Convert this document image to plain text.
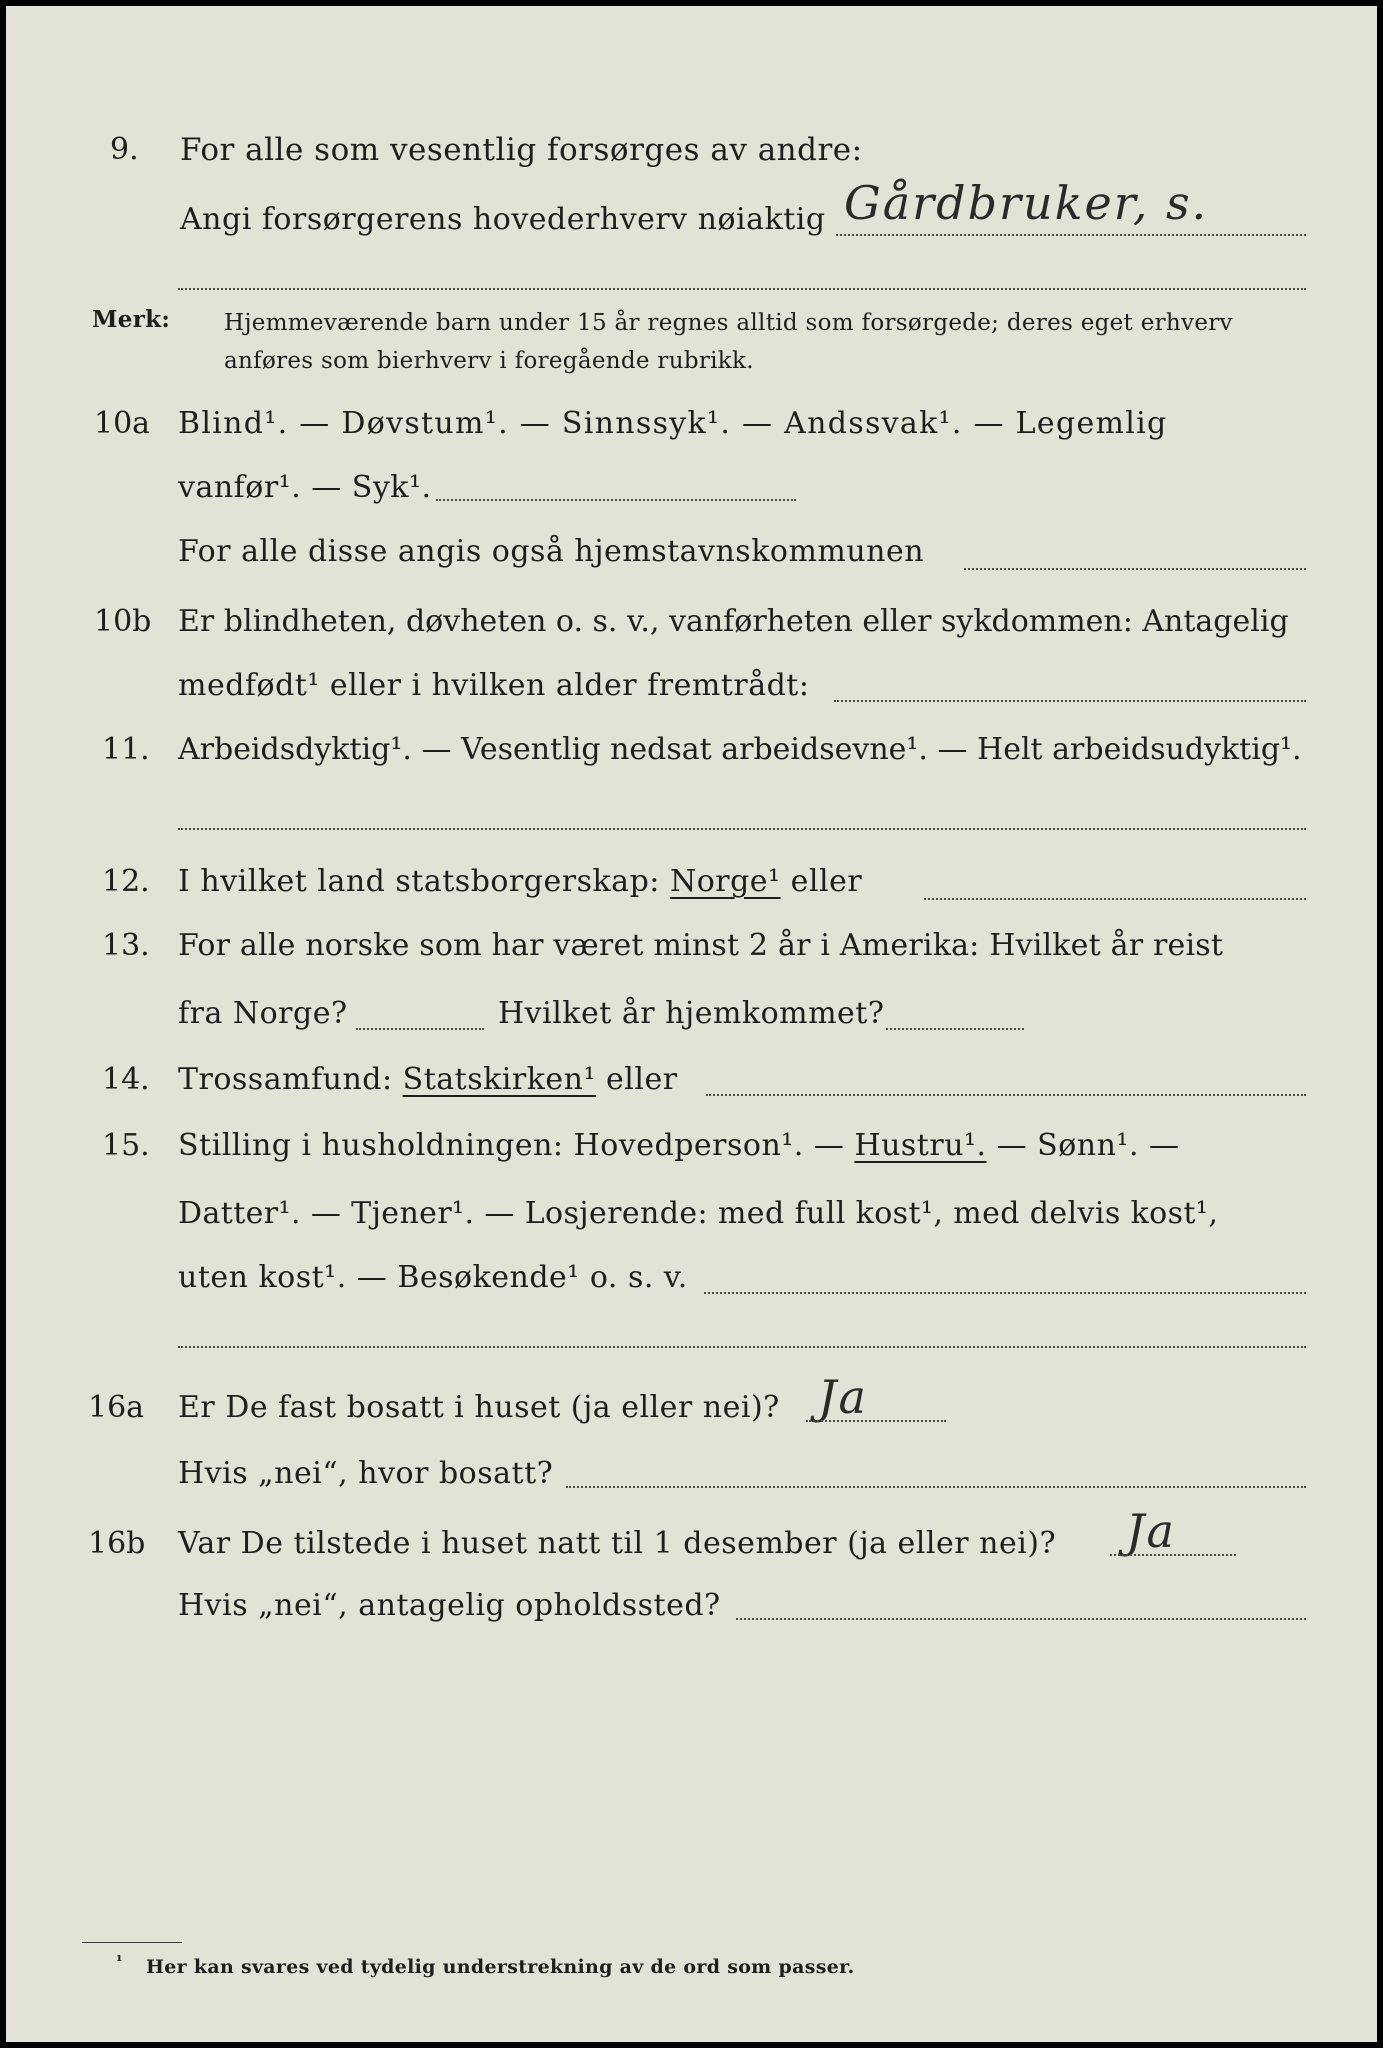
9. For alle som vesentlig forsørges av andre:
Angi forsørgerens hovederhverv nøiaktig Gårdbruker, s.
Merk: Hjemmeværende barn under 15 år regnes alltid som forsørgede; deres eget erhverv
anføres som bierhverv i foregående rubrikk.
10a Blind¹. — Døvstum¹. — Sinnssyk¹. — Andssvak¹. — Legemlig
vanfør¹. — Syk¹.
For alle disse angis også hjemstavnskommunen
10b Er blindheten, døvheten o. s. v., vanførheten eller sykdommen: Antagelig
medfødt¹ eller i hvilken alder fremtrådt:
11. Arbeidsdyktig¹. — Vesentlig nedsat arbeidsevne¹. — Helt arbeidsudyktig¹.
12. I hvilket land statsborgerskap: Norge¹ eller
13. For alle norske som har været minst 2 år i Amerika: Hvilket år reist
fra Norge?	Hvilket år hjemkommet?
14. Trossamfund: Statskirken¹ eller
15. Stilling i husholdningen: Hovedperson¹. — Hustru¹. — Sønn¹. —
Datter¹. — Tjener¹. — Losjerende: med full kost¹, med delvis kost¹,
uten kost¹. — Besøkende¹ o. s. v.
16a Er De fast bosatt i huset (ja eller nei)? Ja
Hvis „nei“, hvor bosatt?
16b Var De tilstede i huset natt til 1 desember (ja eller nei)? Ja
Hvis „nei“, antagelig opholdssted?
¹ Her kan svares ved tydelig understrekning av de ord som passer.
